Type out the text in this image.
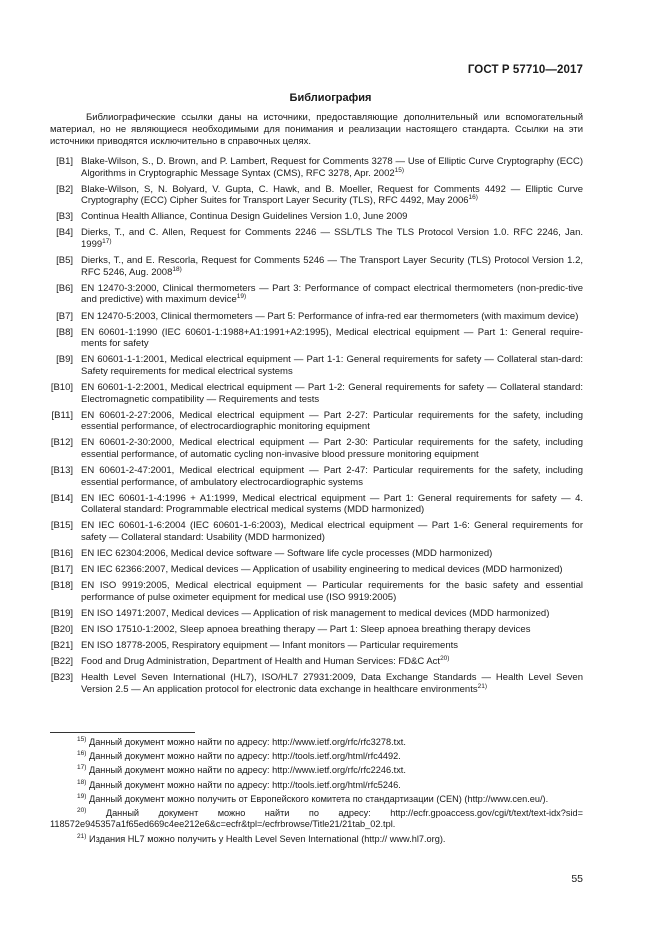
ГОСТ Р 57710—2017
Библиография
Библиографические ссылки даны на источники, предоставляющие дополнительный или вспомогательный материал, но не являющиеся необходимыми для понимания и реализации настоящего стандарта. Ссылки на эти источники приводятся исключительно в справочных целях.
[B1] Blake-Wilson, S., D. Brown, and P. Lambert, Request for Comments 3278 — Use of Elliptic Curve Cryptography (ECC) Algorithms in Cryptographic Message Syntax (CMS), RFC 3278, Apr. 2002$^{15)}$
[B2] Blake-Wilson, S, N. Bolyard, V. Gupta, C. Hawk, and B. Moeller, Request for Comments 4492 — Elliptic Curve Cryptography (ECC) Cipher Suites for Transport Layer Security (TLS), RFC 4492, May 2006$^{16)}$
[B3] Continua Health Alliance, Continua Design Guidelines Version 1.0, June 2009
[B4] Dierks, T., and C. Allen, Request for Comments 2246 — SSL/TLS The TLS Protocol Version 1.0. RFC 2246, Jan. 1999$^{17)}$
[B5] Dierks, T., and E. Rescorla, Request for Comments 5246 — The Transport Layer Security (TLS) Protocol Version 1.2, RFC 5246, Aug. 2008$^{18)}$
[B6] EN 12470-3:2000, Clinical thermometers — Part 3: Performance of compact electrical thermometers (non-predic-tive and predictive) with maximum device$^{19)}$
[B7] EN 12470-5:2003, Clinical thermometers — Part 5: Performance of infra-red ear thermometers (with maximum device)
[B8] EN 60601-1:1990 (IEC 60601-1:1988+A1:1991+A2:1995), Medical electrical equipment — Part 1: General require-ments for safety
[B9] EN 60601-1-1:2001, Medical electrical equipment — Part 1-1: General requirements for safety — Collateral stan-dard: Safety requirements for medical electrical systems
[B10] EN 60601-1-2:2001, Medical electrical equipment — Part 1-2: General requirements for safety — Collateral standard: Electromagnetic compatibility — Requirements and tests
[B11] EN 60601-2-27:2006, Medical electrical equipment — Part 2-27: Particular requirements for the safety, including essential performance, of electrocardiographic monitoring equipment
[B12] EN 60601-2-30:2000, Medical electrical equipment — Part 2-30: Particular requirements for the safety, including essential performance, of automatic cycling non-invasive blood pressure monitoring equipment
[B13] EN 60601-2-47:2001, Medical electrical equipment — Part 2-47: Particular requirements for the safety, including essential performance, of ambulatory electrocardiographic systems
[B14] EN IEC 60601-1-4:1996 + A1:1999, Medical electrical equipment — Part 1: General requirements for safety — 4. Collateral standard: Programmable electrical medical systems (MDD harmonized)
[B15] EN IEC 60601-1-6:2004 (IEC 60601-1-6:2003), Medical electrical equipment — Part 1-6: General requirements for safety — Collateral standard: Usability (MDD harmonized)
[B16] EN IEC 62304:2006, Medical device software — Software life cycle processes (MDD harmonized)
[B17] EN IEC 62366:2007, Medical devices — Application of usability engineering to medical devices (MDD harmonized)
[B18] EN ISO 9919:2005, Medical electrical equipment — Particular requirements for the basic safety and essential performance of pulse oximeter equipment for medical use (ISO 9919:2005)
[B19] EN ISO 14971:2007, Medical devices — Application of risk management to medical devices (MDD harmonized)
[B20] EN ISO 17510-1:2002, Sleep apnoea breathing therapy — Part 1: Sleep apnoea breathing therapy devices
[B21] EN ISO 18778-2005, Respiratory equipment — Infant monitors — Particular requirements
[B22] Food and Drug Administration, Department of Health and Human Services: FD&C Act$^{20)}$
[B23] Health Level Seven International (HL7), ISO/HL7 27931:2009, Data Exchange Standards — Health Level Seven Version 2.5 — An application protocol for electronic data exchange in healthcare environments$^{21)}$
$^{15)}$ Данный документ можно найти по адресу: http://www.ietf.org/rfc/rfc3278.txt.
$^{16)}$ Данный документ можно найти по адресу: http://tools.ietf.org/html/rfc4492.
$^{17)}$ Данный документ можно найти по адресу: http://www.ietf.org/rfc/rfc2246.txt.
$^{18)}$ Данный документ можно найти по адресу: http://tools.ietf.org/html/rfc5246.
$^{19)}$ Данный документ можно получить от Европейского комитета по стандартизации (CEN) (http://www.cen.eu/).
$^{20)}$ Данный документ можно найти по адресу: http://ecfr.gpoaccess.gov/cgi/t/text/text-idx?sid=
118572e945357a1f65ed669c4ee212e6&c=ecfr&tpl=/ecfrbrowse/Title21/21tab_02.tpl.
$^{21)}$ Издания HL7 можно получить у Health Level Seven International (http:// www.hl7.org).
55
